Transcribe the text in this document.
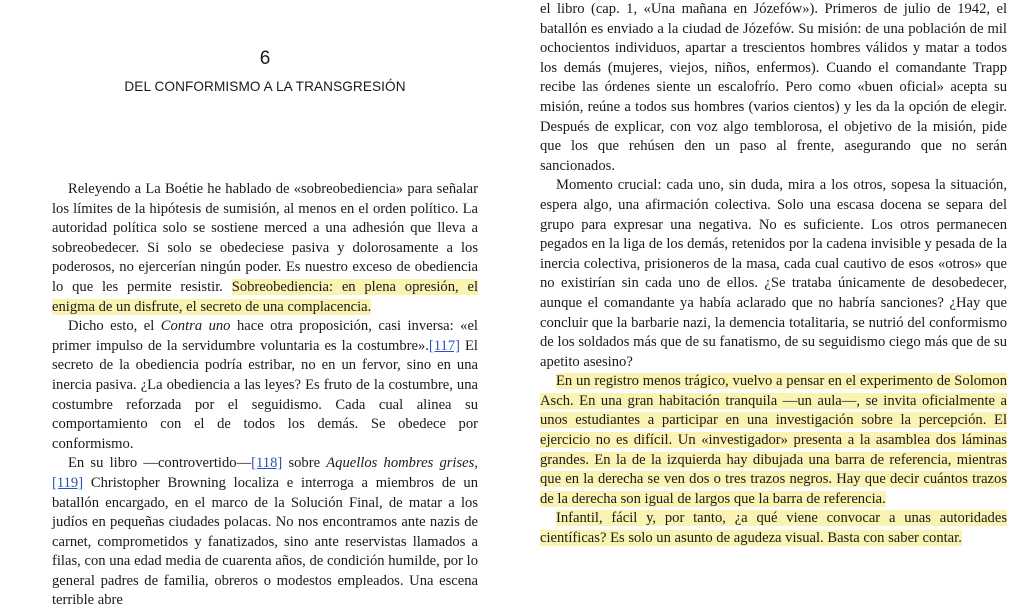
6
DEL CONFORMISMO A LA TRANSGRESIÓN

Releyendo a La Boétie he hablado de «sobreobediencia» para señalar los límites de la hipótesis de sumisión, al menos en el orden político. La autoridad política solo se sostiene merced a una adhesión que lleva a sobreobedecer. Si solo se obedeciese pasiva y dolorosamente a los poderosos, no ejercerían ningún poder. Es nuestro exceso de obediencia lo que les permite resistir. Sobreobediencia: en plena opresión, el enigma de un disfrute, el secreto de una complacencia.

Dicho esto, el Contra uno hace otra proposición, casi inversa: «el primer impulso de la servidumbre voluntaria es la costumbre».[117] El secreto de la obediencia podría estribar, no en un fervor, sino en una inercia pasiva. ¿La obediencia a las leyes? Es fruto de la costumbre, una costumbre reforzada por el seguidismo. Cada cual alinea su comportamiento con el de todos los demás. Se obedece por conformismo.

En su libro —controvertido—[118] sobre Aquellos hombres grises,[119] Christopher Browning localiza e interroga a miembros de un batallón encargado, en el marco de la Solución Final, de matar a los judíos en pequeñas ciudades polacas. No nos encontramos ante nazis de carnet, comprometidos y fanatizados, sino ante reservistas llamados a filas, con una edad media de cuarenta años, de condición humilde, por lo general padres de familia, obreros o modestos empleados. Una escena terrible abre

el libro (cap. 1, «Una mañana en Józefów»). Primeros de julio de 1942, el batallón es enviado a la ciudad de Józefów. Su misión: de una población de mil ochocientos individuos, apartar a trescientos hombres válidos y matar a todos los demás (mujeres, viejos, niños, enfermos). Cuando el comandante Trapp recibe las órdenes siente un escalofrío. Pero como «buen oficial» acepta su misión, reúne a todos sus hombres (varios cientos) y les da la opción de elegir. Después de explicar, con voz algo temblorosa, el objetivo de la misión, pide que los que rehúsen den un paso al frente, asegurando que no serán sancionados.

Momento crucial: cada uno, sin duda, mira a los otros, sopesa la situación, espera algo, una afirmación colectiva. Solo una escasa docena se separa del grupo para expresar una negativa. No es suficiente. Los otros permanecen pegados en la liga de los demás, retenidos por la cadena invisible y pesada de la inercia colectiva, prisioneros de la masa, cada cual cautivo de esos «otros» que no existirían sin cada uno de ellos. ¿Se trataba únicamente de desobedecer, aunque el comandante ya había aclarado que no habría sanciones? ¿Hay que concluir que la barbarie nazi, la demencia totalitaria, se nutrió del conformismo de los soldados más que de su fanatismo, de su seguidismo ciego más que de su apetito asesino?

En un registro menos trágico, vuelvo a pensar en el experimento de Solomon Asch. En una gran habitación tranquila —un aula—, se invita oficialmente a unos estudiantes a participar en una investigación sobre la percepción. El ejercicio no es difícil. Un «investigador» presenta a la asamblea dos láminas grandes. En la de la izquierda hay dibujada una barra de referencia, mientras que en la derecha se ven dos o tres trazos negros. Hay que decir cuántos trazos de la derecha son igual de largos que la barra de referencia.

Infantil, fácil y, por tanto, ¿a qué viene convocar a unas autoridades científicas? Es solo un asunto de agudeza visual. Basta con saber contar.
